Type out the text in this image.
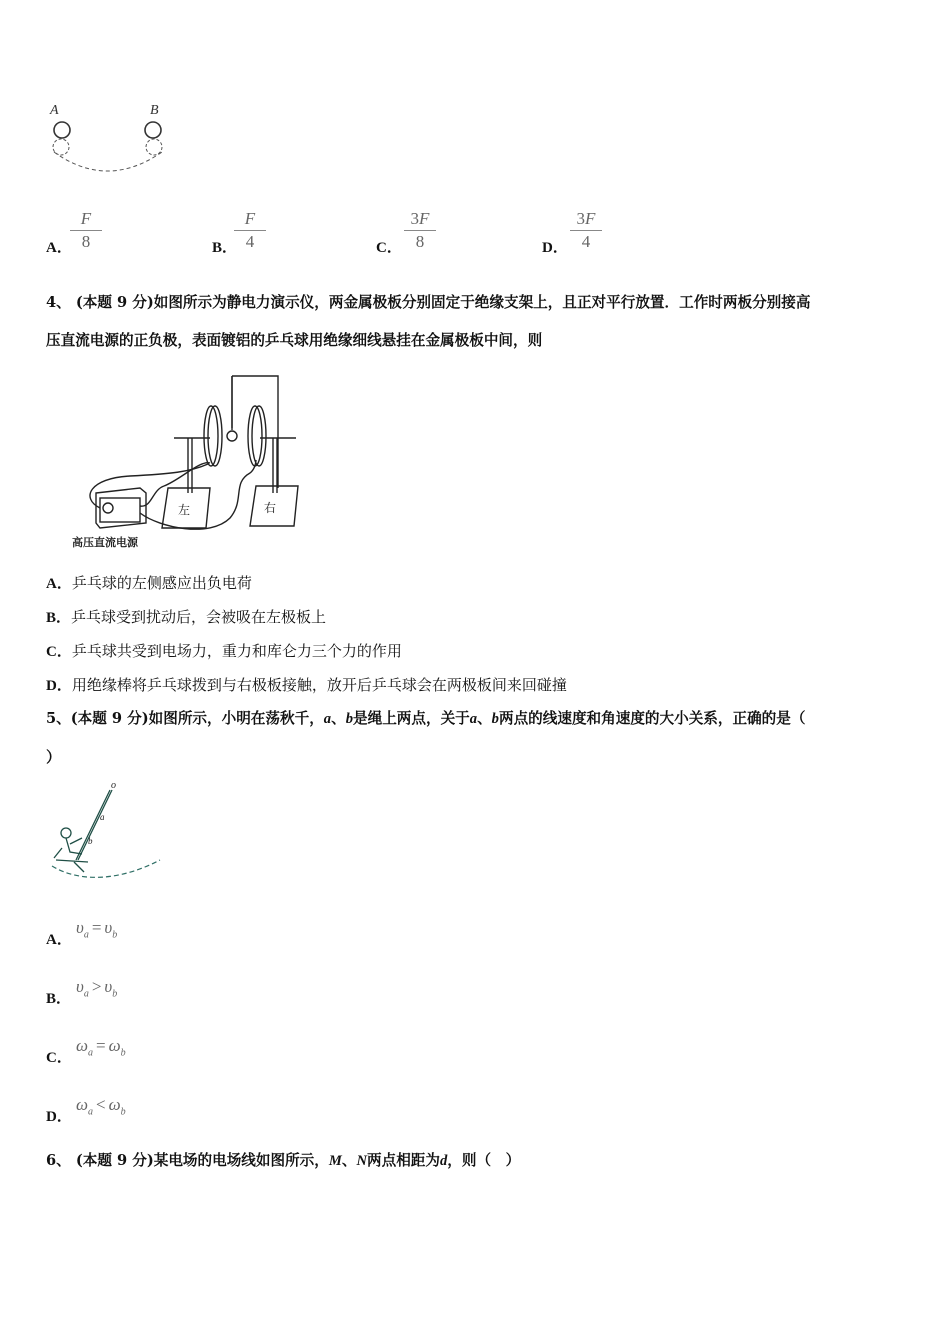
A	B
A．
F
8	B．
F
4	C．
3F
8	D．
3F
4
4、 (本题 9 分)如图所示为静电力演示仪，两金属极板分别固定于绝缘支架上，且正对平行放置．工作时两板分别接高
压直流电源的正负极，表面镀铝的乒乓球用绝缘细线悬挂在金属极板中间，则
左	右
高压直流电源
A．乒乓球的左侧感应出负电荷
B．乒乓球受到扰动后，会被吸在左极板上
C．乒乓球共受到电场力，重力和库仑力三个力的作用
D．用绝缘棒将乒乓球拨到与右极板接触，放开后乒乓球会在两极板间来回碰撞
5、(本题 9 分)如图所示，小明在荡秋千，a、b是绳上两点，关于a、b两点的线速度和角速度的大小关系，正确的是（
）
o
a
b
A．
$\upsilon_a = \upsilon_b$
B．
$\upsilon_a > \upsilon_b$
C．
$\omega_a = \omega_b$
D．
$\omega_a < \omega_b$
6、 (本题 9 分)某电场的电场线如图所示，M、N两点相距为d，则（　）
